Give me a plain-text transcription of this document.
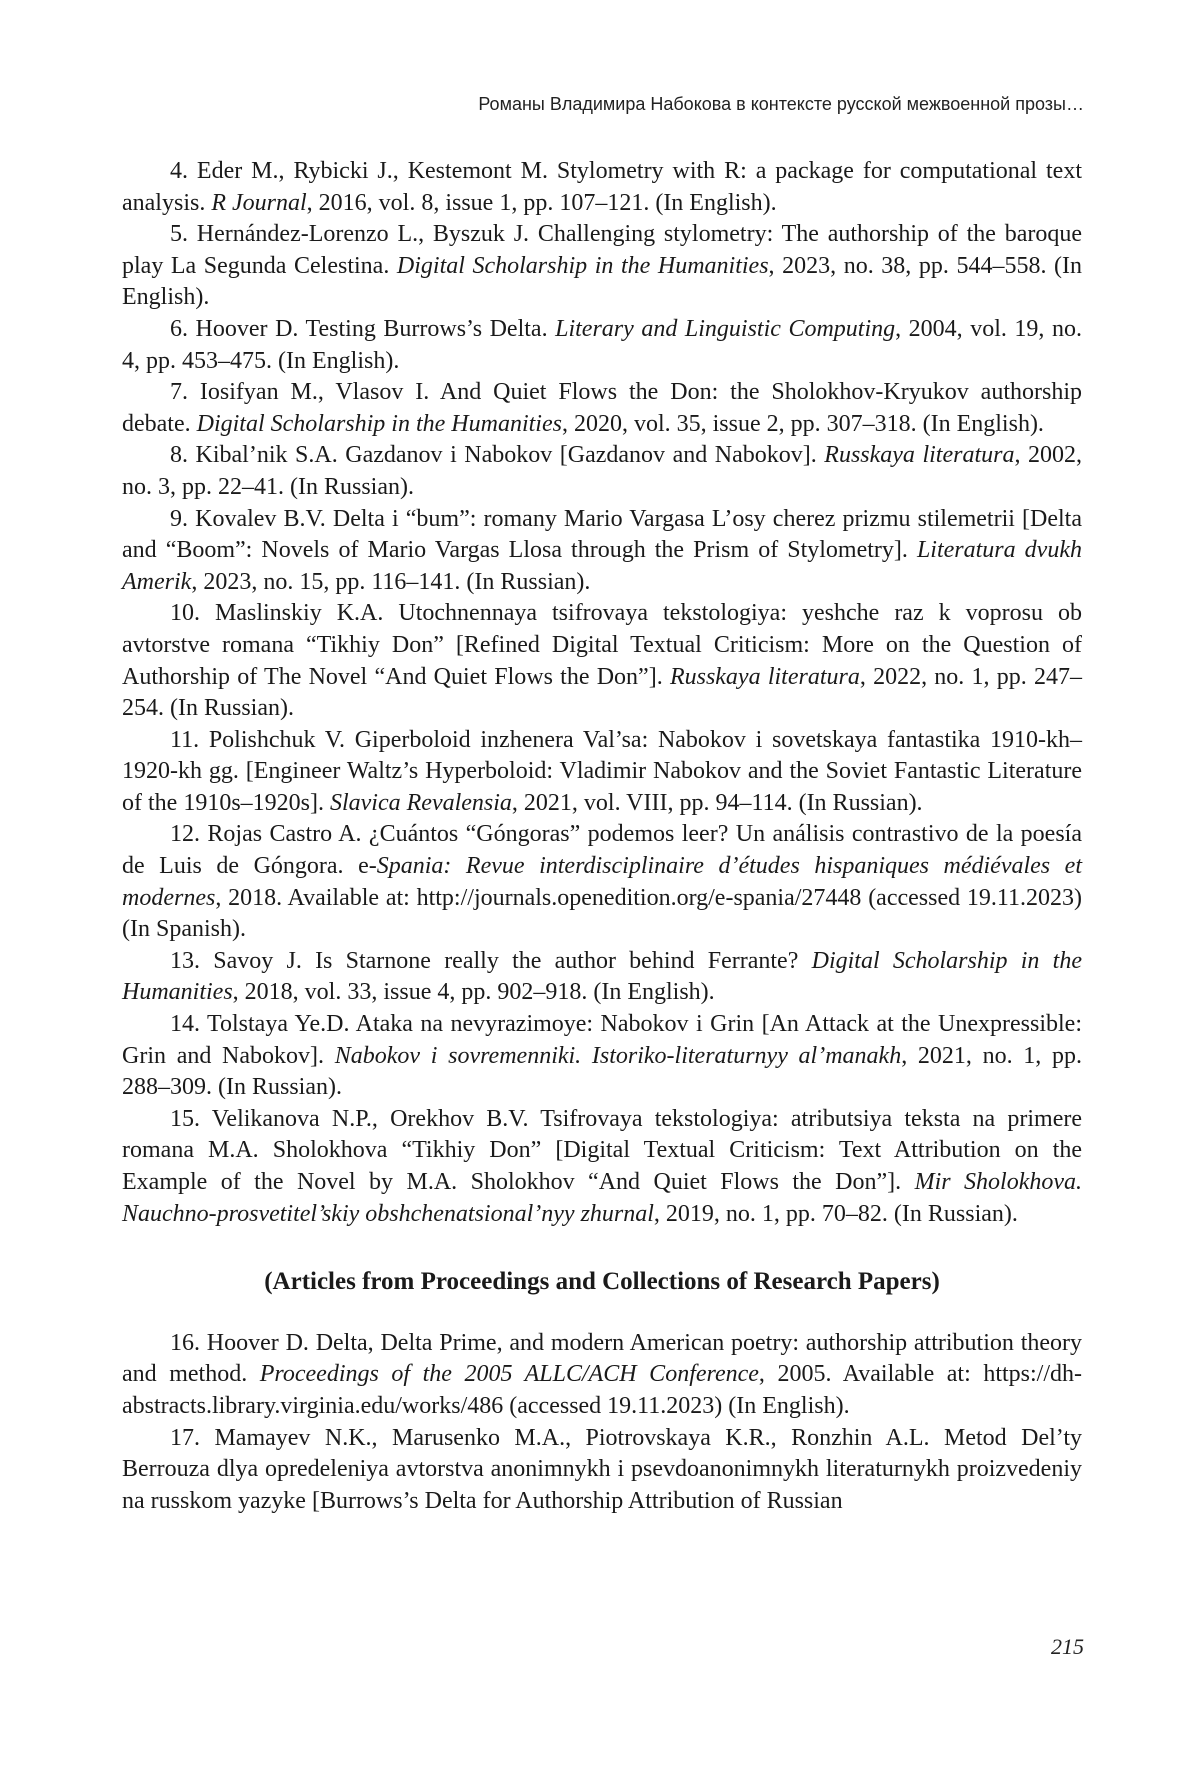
Романы Владимира Набокова в контексте русской межвоенной прозы…

4. Eder M., Rybicki J., Kestemont M. Stylometry with R: a package for computational text analysis. R Journal, 2016, vol. 8, issue 1, pp. 107–121. (In English).

5. Hernández-Lorenzo L., Byszuk J. Challenging stylometry: The authorship of the baroque play La Segunda Celestina. Digital Scholarship in the Humanities, 2023, no. 38, pp. 544–558. (In English).

6. Hoover D. Testing Burrows’s Delta. Literary and Linguistic Computing, 2004, vol. 19, no. 4, pp. 453–475. (In English).

7. Iosifyan M., Vlasov I. And Quiet Flows the Don: the Sholokhov-Kryukov authorship debate. Digital Scholarship in the Humanities, 2020, vol. 35, issue 2, pp. 307–318. (In English).

8. Kibal’nik S.A. Gazdanov i Nabokov [Gazdanov and Nabokov]. Russkaya literatura, 2002, no. 3, pp. 22–41. (In Russian).

9. Kovalev B.V. Delta i “bum”: romany Mario Vargasa L’osy cherez prizmu stilemetrii [Delta and “Boom”: Novels of Mario Vargas Llosa through the Prism of Stylometry]. Literatura dvukh Amerik, 2023, no. 15, pp. 116–141. (In Russian).

10. Maslinskiy K.A. Utochnennaya tsifrovaya tekstologiya: yeshche raz k voprosu ob avtorstve romana “Tikhiy Don” [Refined Digital Textual Criticism: More on the Question of Authorship of The Novel “And Quiet Flows the Don”]. Russkaya literatura, 2022, no. 1, pp. 247–254. (In Russian).

11. Polishchuk V. Giperboloid inzhenera Val’sa: Nabokov i sovetskaya fantastika 1910-kh–1920-kh gg. [Engineer Waltz’s Hyperboloid: Vladimir Nabokov and the Soviet Fantastic Literature of the 1910s–1920s]. Slavica Revalensia, 2021, vol. VIII, pp. 94–114. (In Russian).

12. Rojas Castro A. ¿Cuántos “Góngoras” podemos leer? Un análisis contrastivo de la poesía de Luis de Góngora. e-Spania: Revue interdisciplinaire d’études hispaniques médiévales et modernes, 2018. Available at: http://journals.openedition.org/e-spania/27448 (accessed 19.11.2023) (In Spanish).

13. Savoy J. Is Starnone really the author behind Ferrante? Digital Scholarship in the Humanities, 2018, vol. 33, issue 4, pp. 902–918. (In English).

14. Tolstaya Ye.D. Ataka na nevyrazimoye: Nabokov i Grin [An Attack at the Unexpressible: Grin and Nabokov]. Nabokov i sovremenniki. Istoriko-literaturnyy al’manakh, 2021, no. 1, pp. 288–309. (In Russian).

15. Velikanova N.P., Orekhov B.V. Tsifrovaya tekstologiya: atributsiya teksta na primere romana M.A. Sholokhova “Tikhiy Don” [Digital Textual Criticism: Text Attribution on the Example of the Novel by M.A. Sholokhov “And Quiet Flows the Don”]. Mir Sholokhova. Nauchno-prosvetitel’skiy obshchenatsional’nyy zhurnal, 2019, no. 1, pp. 70–82. (In Russian).

(Articles from Proceedings and Collections of Research Papers)

16. Hoover D. Delta, Delta Prime, and modern American poetry: authorship attribution theory and method. Proceedings of the 2005 ALLC/ACH Conference, 2005. Available at: https://dh-abstracts.library.virginia.edu/works/486 (accessed 19.11.2023) (In English).

17. Mamayev N.K., Marusenko M.A., Piotrovskaya K.R., Ronzhin A.L. Metod Del’ty Berrouza dlya opredeleniya avtorstva anonimnykh i psevdoanonimnykh literaturnykh proizvedeniy na russkom yazyke [Burrows’s Delta for Authorship Attribution of Russian

215
